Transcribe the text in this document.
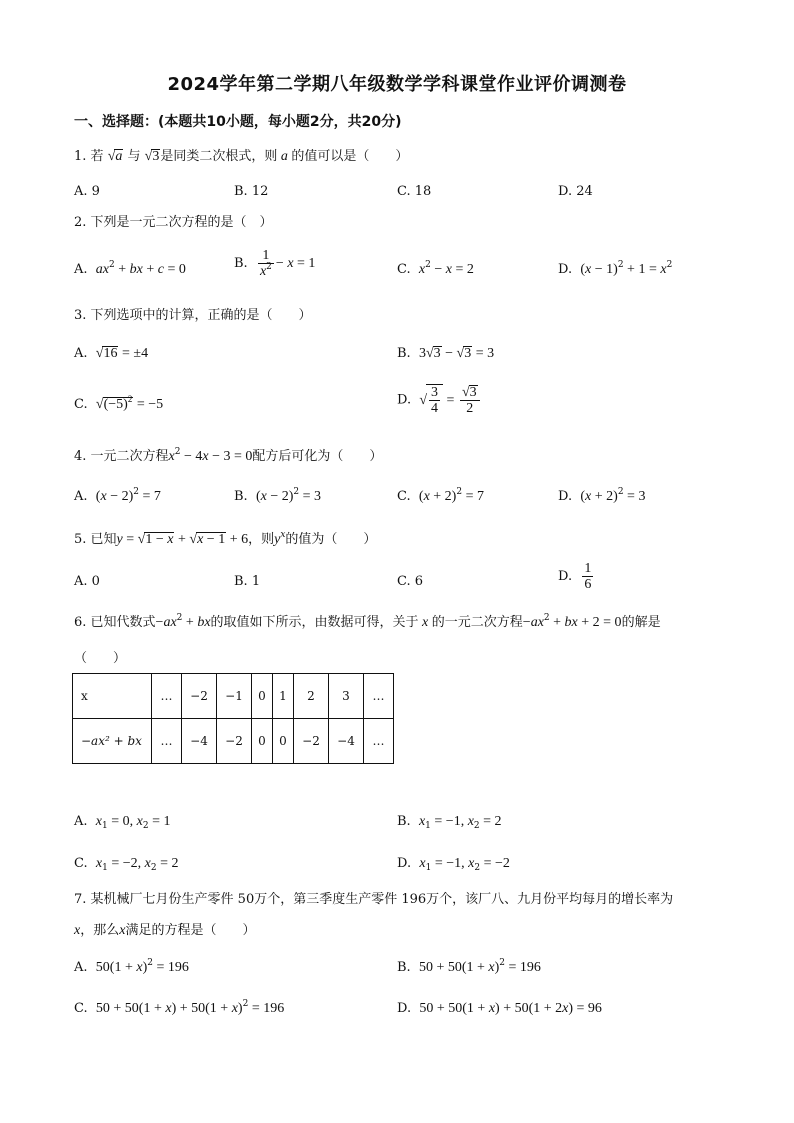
2024学年第二学期八年级数学学科课堂作业评价调测卷
一、选择题：(本题共10小题，每小题2分，共20分)
1. 若 √a 与 √3是同类二次根式，则 a 的值可以是（　　）
A. 9	B. 12	C. 18	D. 24
2. 下列是一元二次方程的是（　）
A.  $ax^2$ + bx + c = 0	B. $\frac{1}{x^2} - x = 1$	C.  $x^2 - x = 2$	D.  $(x - 1)^2 + 1 = x^2$
3. 下列选项中的计算，正确的是（　　）
A.  √16 = ±4	B.  3√3 − √3 = 3
C.  $√(-5)^2 = -5$	D.  √ $\frac{3}{4} = \frac{√3}{2}$
4. 一元二次方程$x^2 - 4x - 3 = 0$配方后可化为（　　）
A.  $(x - 2)^2 = 7$	B.  $(x - 2)^2 = 3$	C.  $(x + 2)^2 = 7$	D.  $(x + 2)^2 = 3$
5. 已知y = √1 − x + √x − 1 + 6，则$y^x$的值为（　　）
A. 0	B. 1	C. 6	D. $\frac{1}{6}$
6. 已知代数式$-ax^2$ + bx的取值如下所示，由数据可得，关于 x 的一元二次方程$-ax^2$ + bx + 2 = 0的解是
（　　）
x	…	−2	−1	0	1	2	3	…
−ax² + bx	…	−4	−2	0	0	−2	−4	…
A.  $x_1 = 0$, $x_2 = 1$	B.  $x_1 = -1$, $x_2 = 2$
C.  $x_1 = -2$, $x_2 = 2$	D.  $x_1 = -1$, $x_2 = -2$
7. 某机械厂七月份生产零件 50万个，第三季度生产零件 196万个，该厂八、九月份平均每月的增长率为
x，那么x满足的方程是（　　）
A.  $50(1 + x)^2 = 196$	B.  $50 + 50(1 + x)^2 = 196$
C.  $50 + 50(1 + x) + 50(1 + x)^2 = 196$	D.  50 + 50(1 + x) + 50(1 + 2x) = 96
